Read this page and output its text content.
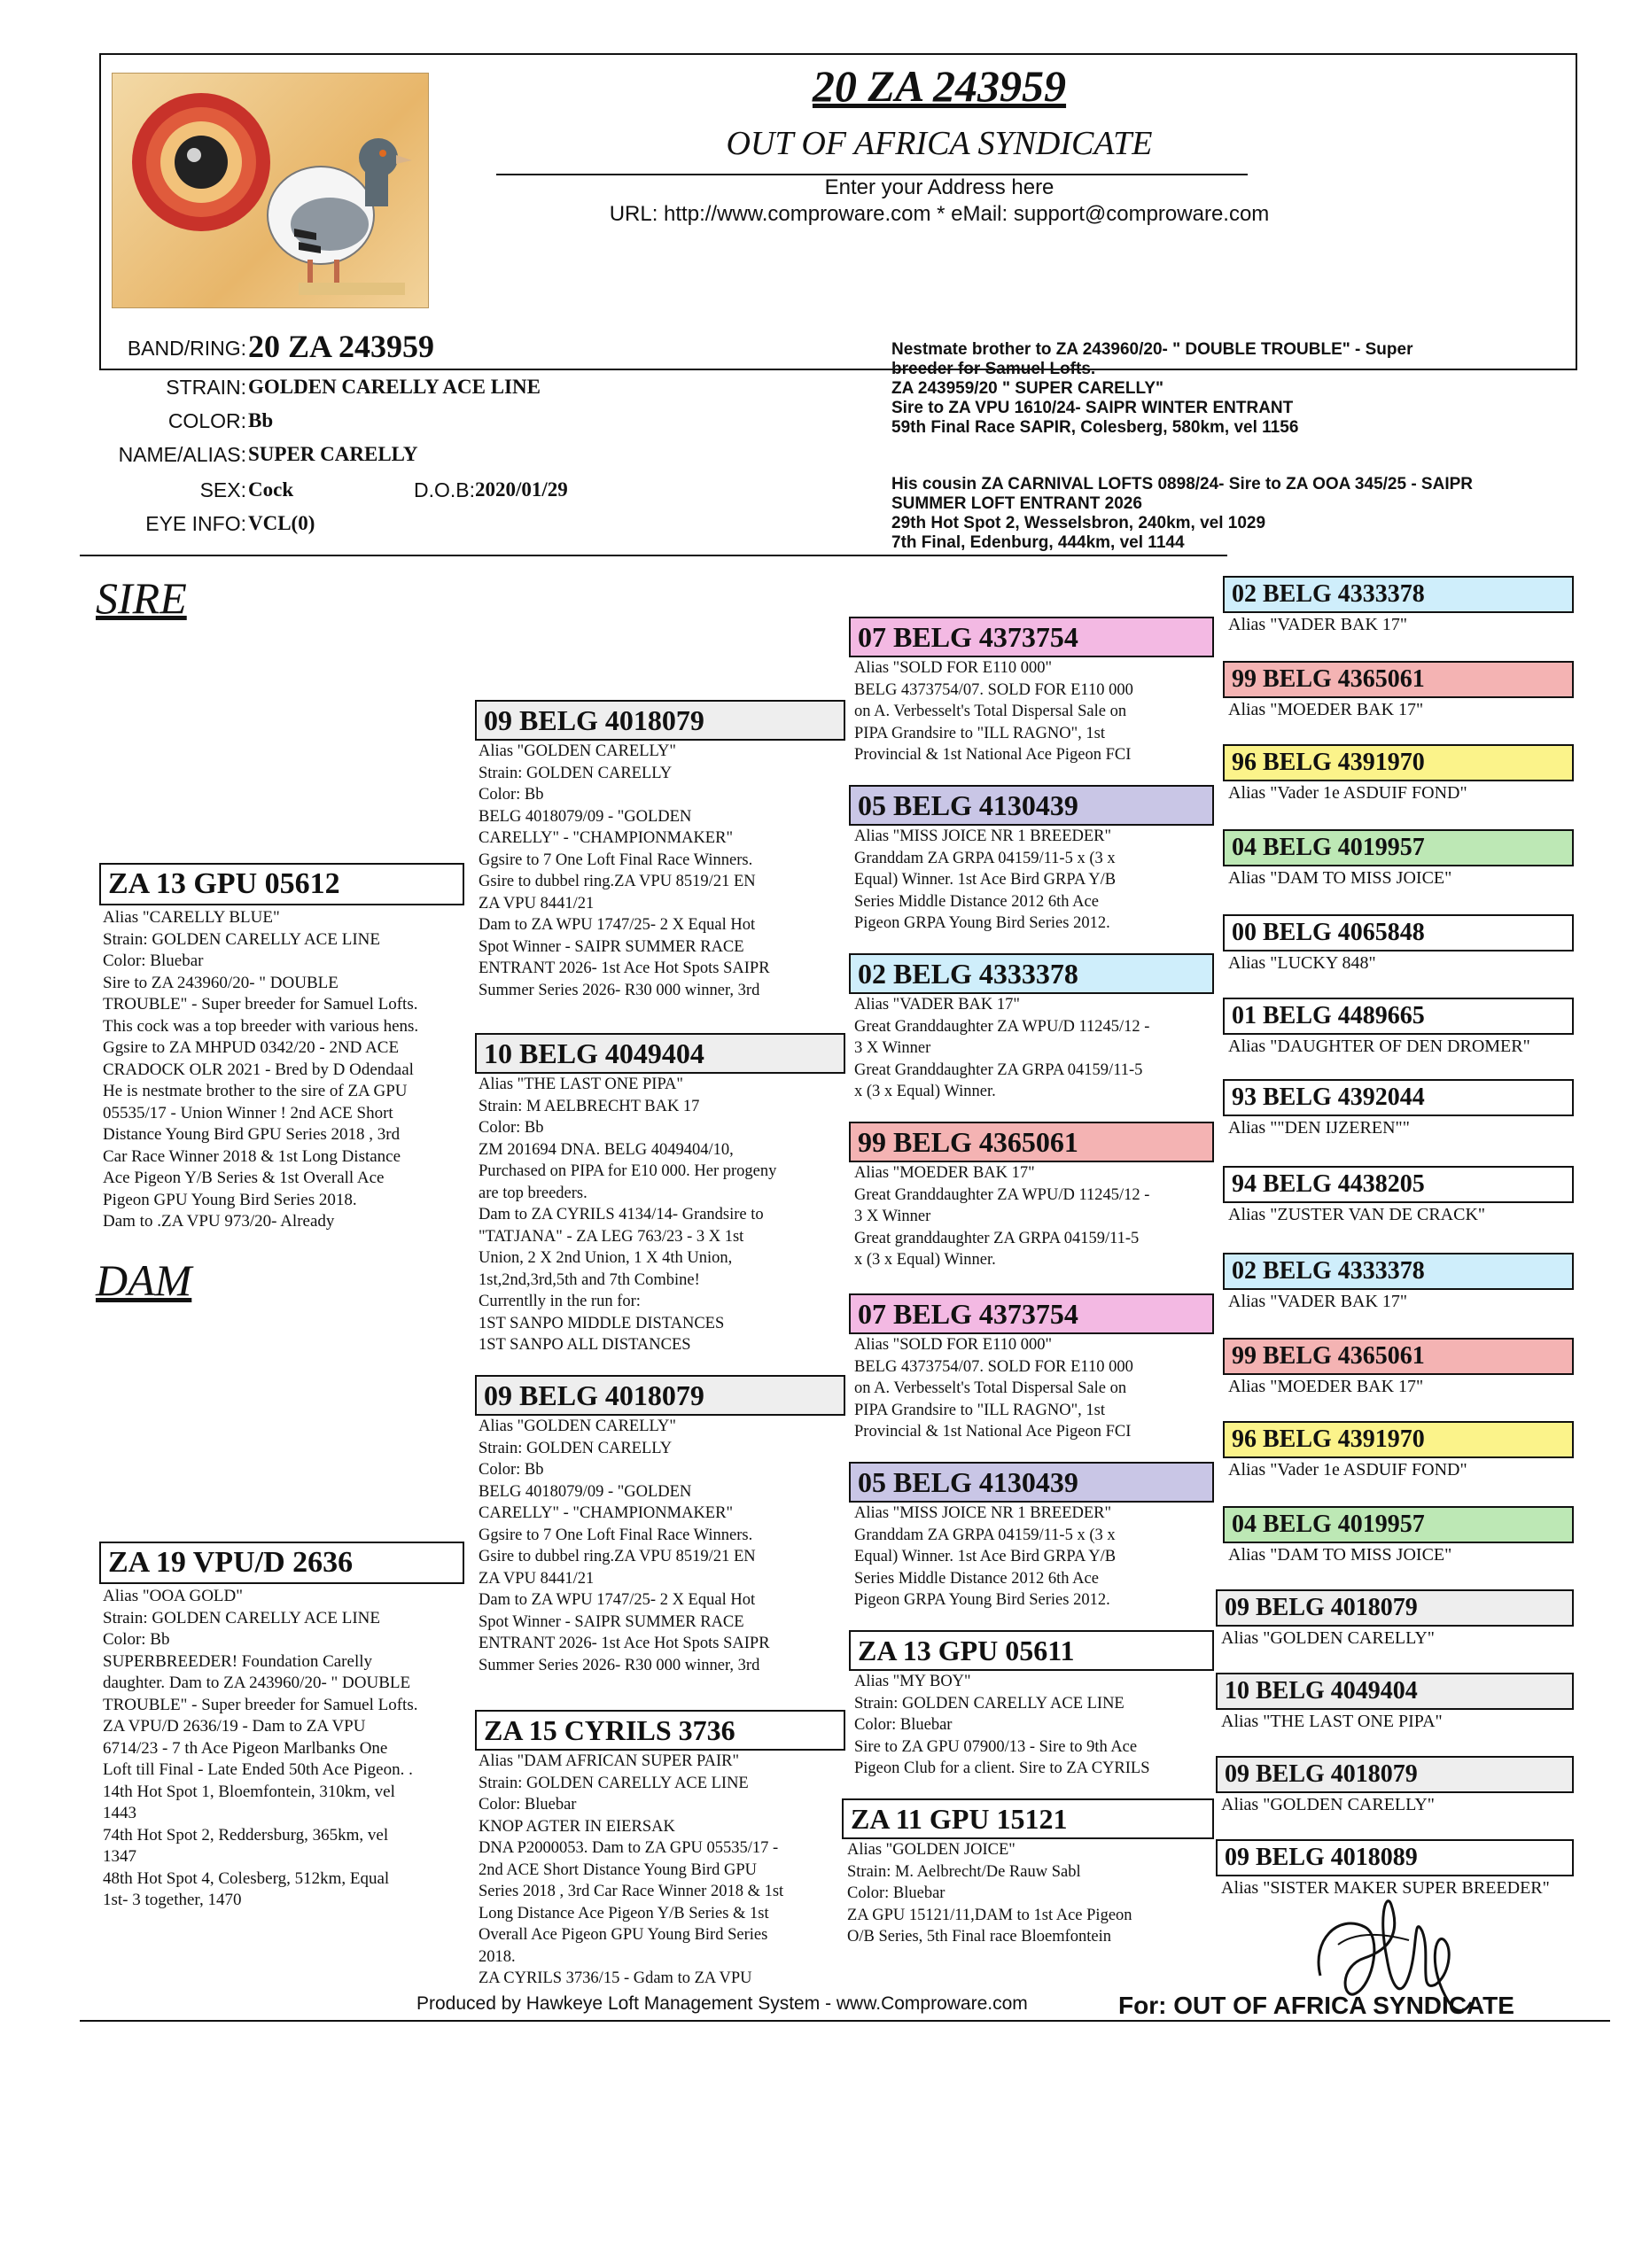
20 ZA 243959
OUT OF AFRICA SYNDICATE
Enter your Address here
URL: http://www.comproware.com * eMail: support@comproware.com
BAND/RING: 20 ZA 243959
STRAIN: GOLDEN CARELLY ACE LINE
COLOR: Bb
NAME/ALIAS: SUPER CARELLY
SEX: Cock	D.O.B: 2020/01/29
EYE INFO: VCL(0)
Nestmate brother to ZA 243960/20- " DOUBLE TROUBLE" - Super
breeder for Samuel Lofts.
ZA 243959/20 " SUPER CARELLY"
Sire to ZA VPU 1610/24- SAIPR WINTER ENTRANT
59th Final Race SAPIR, Colesberg, 580km, vel 1156
His cousin ZA CARNIVAL LOFTS 0898/24- Sire to ZA OOA 345/25 - SAIPR
SUMMER LOFT ENTRANT 2026
29th Hot Spot 2, Wesselsbron, 240km, vel 1029
7th Final, Edenburg, 444km, vel 1144
SIRE
DAM
ZA 13 GPU 05612
Alias "CARELLY BLUE"
Strain: GOLDEN CARELLY ACE LINE
Color: Bluebar
Sire to ZA 243960/20- " DOUBLE
TROUBLE" - Super breeder for Samuel Lofts.
This cock was a top breeder with various hens.
Ggsire to ZA MHPUD 0342/20 - 2ND ACE
CRADOCK OLR 2021 - Bred by D Odendaal
He is nestmate brother to the sire of ZA GPU
05535/17 - Union Winner ! 2nd ACE Short
Distance Young Bird GPU Series 2018 , 3rd
Car Race Winner 2018 & 1st Long Distance
Ace Pigeon Y/B Series & 1st Overall Ace
Pigeon GPU Young Bird Series 2018.
Dam to .ZA VPU 973/20- Already
ZA 19 VPU/D 2636
Alias "OOA GOLD"
Strain: GOLDEN CARELLY ACE LINE
Color: Bb
SUPERBREEDER! Foundation Carelly
daughter. Dam to ZA 243960/20- " DOUBLE
TROUBLE" - Super breeder for Samuel Lofts.
ZA VPU/D 2636/19 - Dam to ZA VPU
6714/23 - 7 th Ace Pigeon Marlbanks One
Loft till Final - Late Ended 50th Ace Pigeon. .
14th Hot Spot 1, Bloemfontein, 310km, vel
1443
74th Hot Spot 2, Reddersburg, 365km, vel
1347
48th Hot Spot 4, Colesberg, 512km, Equal
1st- 3 together, 1470
09 BELG 4018079
Alias "GOLDEN CARELLY"
Strain: GOLDEN CARELLY
Color: Bb
BELG 4018079/09 - "GOLDEN
CARELLY" - "CHAMPIONMAKER"
Ggsire to 7 One Loft Final Race Winners.
Gsire to dubbel ring.ZA VPU 8519/21 EN
ZA VPU 8441/21
Dam to ZA WPU 1747/25- 2 X Equal Hot
Spot Winner - SAIPR SUMMER RACE
ENTRANT 2026- 1st Ace Hot Spots SAIPR
Summer Series 2026- R30 000 winner, 3rd
10 BELG 4049404
Alias "THE LAST ONE PIPA"
Strain: M AELBRECHT BAK 17
Color: Bb
ZM 201694 DNA. BELG 4049404/10,
Purchased on PIPA for E10 000. Her progeny
are top breeders.
Dam to ZA CYRILS 4134/14- Grandsire to
"TATJANA" - ZA LEG 763/23 - 3 X 1st
Union, 2 X 2nd Union, 1 X 4th Union,
1st,2nd,3rd,5th and 7th Combine!
Currentlly in the run for:
1ST SANPO MIDDLE DISTANCES
1ST SANPO ALL DISTANCES
09 BELG 4018079
Alias "GOLDEN CARELLY"
Strain: GOLDEN CARELLY
Color: Bb
BELG 4018079/09 - "GOLDEN
CARELLY" - "CHAMPIONMAKER"
Ggsire to 7 One Loft Final Race Winners.
Gsire to dubbel ring.ZA VPU 8519/21 EN
ZA VPU 8441/21
Dam to ZA WPU 1747/25- 2 X Equal Hot
Spot Winner - SAIPR SUMMER RACE
ENTRANT 2026- 1st Ace Hot Spots SAIPR
Summer Series 2026- R30 000 winner, 3rd
ZA 15 CYRILS 3736
Alias "DAM AFRICAN SUPER PAIR"
Strain: GOLDEN CARELLY ACE LINE
Color: Bluebar
KNOP AGTER IN EIERSAK
DNA P2000053. Dam to ZA GPU 05535/17 -
2nd ACE Short Distance Young Bird GPU
Series 2018 , 3rd Car Race Winner 2018 & 1st
Long Distance Ace Pigeon Y/B Series & 1st
Overall Ace Pigeon GPU Young Bird Series
2018.
ZA CYRILS 3736/15 - Gdam to ZA VPU
07 BELG 4373754
Alias "SOLD FOR E110 000"
BELG 4373754/07. SOLD FOR E110 000
on A. Verbesselt's Total Dispersal Sale on
PIPA Grandsire to "ILL RAGNO", 1st
Provincial & 1st National Ace Pigeon FCI
05 BELG 4130439
Alias "MISS JOICE NR 1 BREEDER"
Granddam ZA GRPA 04159/11-5 x (3 x
Equal) Winner. 1st Ace Bird GRPA Y/B
Series Middle Distance 2012 6th Ace
Pigeon GRPA Young Bird Series 2012.
02 BELG 4333378
Alias "VADER BAK 17"
Great Granddaughter ZA WPU/D 11245/12 -
3 X Winner
Great Granddaughter ZA GRPA 04159/11-5
x (3 x Equal) Winner.
99 BELG 4365061
Alias "MOEDER BAK 17"
Great Granddaughter ZA WPU/D 11245/12 -
3 X Winner
Great granddaughter ZA GRPA 04159/11-5
x (3 x Equal) Winner.
07 BELG 4373754
Alias "SOLD FOR E110 000"
BELG 4373754/07. SOLD FOR E110 000
on A. Verbesselt's Total Dispersal Sale on
PIPA Grandsire to "ILL RAGNO", 1st
Provincial & 1st National Ace Pigeon FCI
05 BELG 4130439
Alias "MISS JOICE NR 1 BREEDER"
Granddam ZA GRPA 04159/11-5 x (3 x
Equal) Winner. 1st Ace Bird GRPA Y/B
Series Middle Distance 2012 6th Ace
Pigeon GRPA Young Bird Series 2012.
ZA 13 GPU 05611
Alias "MY BOY"
Strain: GOLDEN CARELLY ACE LINE
Color: Bluebar
Sire to ZA GPU 07900/13 - Sire to 9th Ace
Pigeon Club for a client. Sire to ZA CYRILS
ZA 11 GPU 15121
Alias "GOLDEN JOICE"
Strain: M. Aelbrecht/De Rauw Sabl
Color: Bluebar
ZA GPU 15121/11,DAM to 1st Ace Pigeon
O/B Series, 5th Final race Bloemfontein
02 BELG 4333378
Alias "VADER BAK 17"
99 BELG 4365061
Alias "MOEDER BAK 17"
96 BELG 4391970
Alias "Vader 1e ASDUIF FOND"
04 BELG 4019957
Alias "DAM TO MISS JOICE"
00 BELG 4065848
Alias "LUCKY 848"
01 BELG 4489665
Alias "DAUGHTER OF DEN DROMER"
93 BELG 4392044
Alias ""DEN IJZEREN""
94 BELG 4438205
Alias "ZUSTER VAN DE CRACK"
02 BELG 4333378
Alias "VADER BAK 17"
99 BELG 4365061
Alias "MOEDER BAK 17"
96 BELG 4391970
Alias "Vader 1e ASDUIF FOND"
04 BELG 4019957
Alias "DAM TO MISS JOICE"
09 BELG 4018079
Alias "GOLDEN CARELLY"
10 BELG 4049404
Alias "THE LAST ONE PIPA"
09 BELG 4018079
Alias "GOLDEN CARELLY"
09 BELG 4018089
Alias "SISTER MAKER SUPER BREEDER"
Produced by Hawkeye Loft Management System - www.Comproware.com	For: OUT OF AFRICA SYNDICATE
